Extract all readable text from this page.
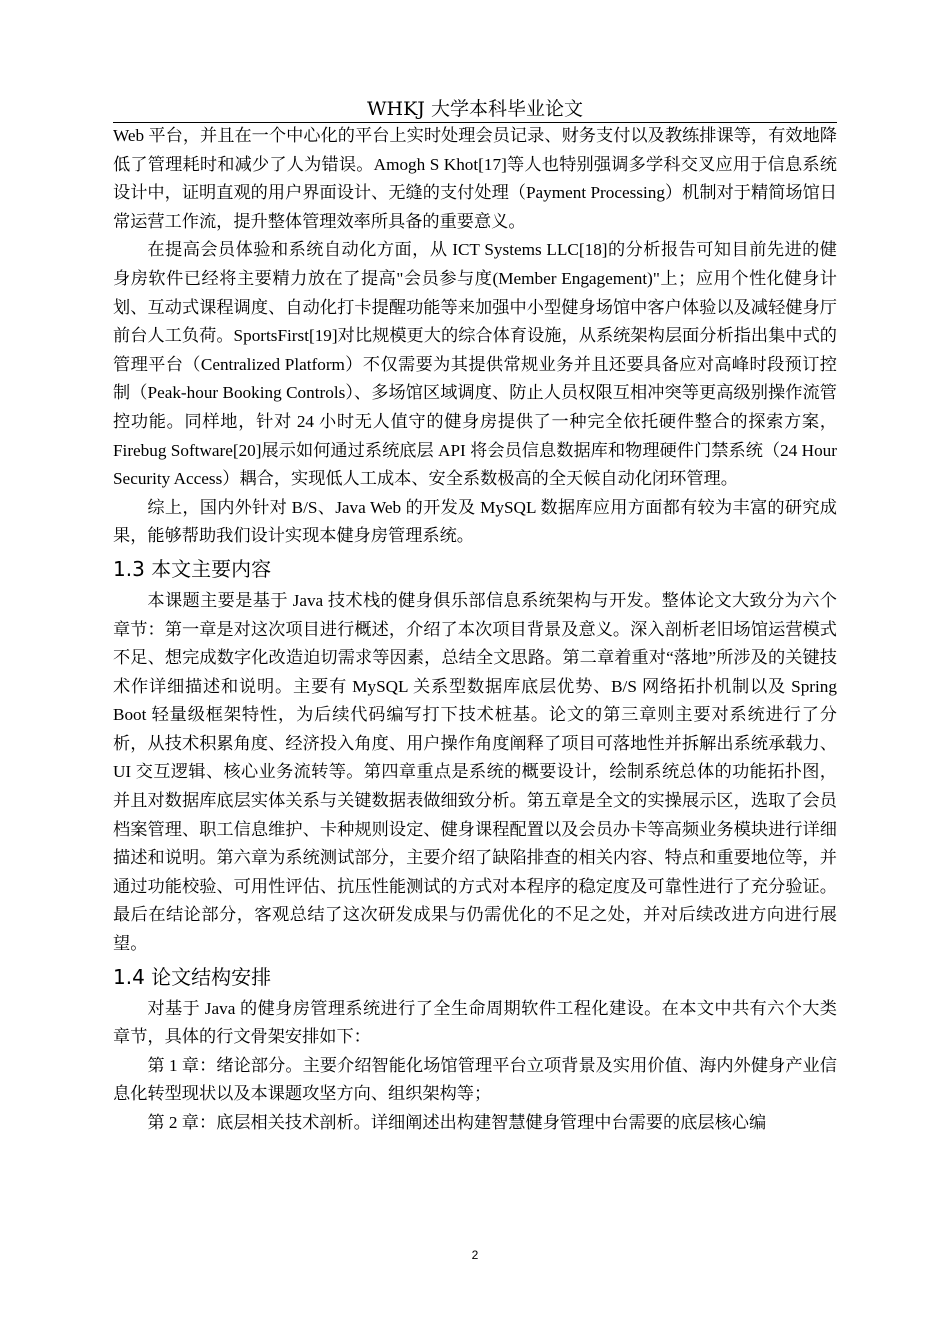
WHKJ 大学本科毕业论文

Web 平台，并且在一个中心化的平台上实时处理会员记录、财务支付以及教练排课等，有效地降低了管理耗时和减少了人为错误。Amogh S Khot[17]等人也特别强调多学科交叉应用于信息系统设计中，证明直观的用户界面设计、无缝的支付处理（Payment Processing）机制对于精简场馆日常运营工作流，提升整体管理效率所具备的重要意义。

在提高会员体验和系统自动化方面，从 ICT Systems LLC[18]的分析报告可知目前先进的健身房软件已经将主要精力放在了提高"会员参与度(Member Engagement)"上；应用个性化健身计划、互动式课程调度、自动化打卡提醒功能等来加强中小型健身场馆中客户体验以及减轻健身厅前台人工负荷。SportsFirst[19]对比规模更大的综合体育设施，从系统架构层面分析指出集中式的管理平台（Centralized Platform）不仅需要为其提供常规业务并且还要具备应对高峰时段预订控制（Peak-hour Booking Controls）、多场馆区域调度、防止人员权限互相冲突等更高级别操作流管控功能。同样地，针对 24 小时无人值守的健身房提供了一种完全依托硬件整合的探索方案，Firebug Software[20]展示如何通过系统底层 API 将会员信息数据库和物理硬件门禁系统（24 Hour Security Access）耦合，实现低人工成本、安全系数极高的全天候自动化闭环管理。

综上，国内外针对 B/S、Java Web 的开发及 MySQL 数据库应用方面都有较为丰富的研究成果，能够帮助我们设计实现本健身房管理系统。

1.3 本文主要内容

本课题主要是基于 Java 技术栈的健身俱乐部信息系统架构与开发。整体论文大致分为六个章节：第一章是对这次项目进行概述，介绍了本次项目背景及意义。深入剖析老旧场馆运营模式不足、想完成数字化改造迫切需求等因素，总结全文思路。第二章着重对“落地”所涉及的关键技术作详细描述和说明。主要有 MySQL 关系型数据库底层优势、B/S 网络拓扑机制以及 Spring Boot 轻量级框架特性，为后续代码编写打下技术桩基。论文的第三章则主要对系统进行了分析，从技术积累角度、经济投入角度、用户操作角度阐释了项目可落地性并拆解出系统承载力、UI 交互逻辑、核心业务流转等。第四章重点是系统的概要设计，绘制系统总体的功能拓扑图，并且对数据库底层实体关系与关键数据表做细致分析。第五章是全文的实操展示区，选取了会员档案管理、职工信息维护、卡种规则设定、健身课程配置以及会员办卡等高频业务模块进行详细描述和说明。第六章为系统测试部分，主要介绍了缺陷排查的相关内容、特点和重要地位等，并通过功能校验、可用性评估、抗压性能测试的方式对本程序的稳定度及可靠性进行了充分验证。最后在结论部分，客观总结了这次研发成果与仍需优化的不足之处，并对后续改进方向进行展望。

1.4 论文结构安排

对基于 Java 的健身房管理系统进行了全生命周期软件工程化建设。在本文中共有六个大类章节，具体的行文骨架安排如下：

第 1 章：绪论部分。主要介绍智能化场馆管理平台立项背景及实用价值、海内外健身产业信息化转型现状以及本课题攻坚方向、组织架构等；

第 2 章：底层相关技术剖析。详细阐述出构建智慧健身管理中台需要的底层核心编

2
